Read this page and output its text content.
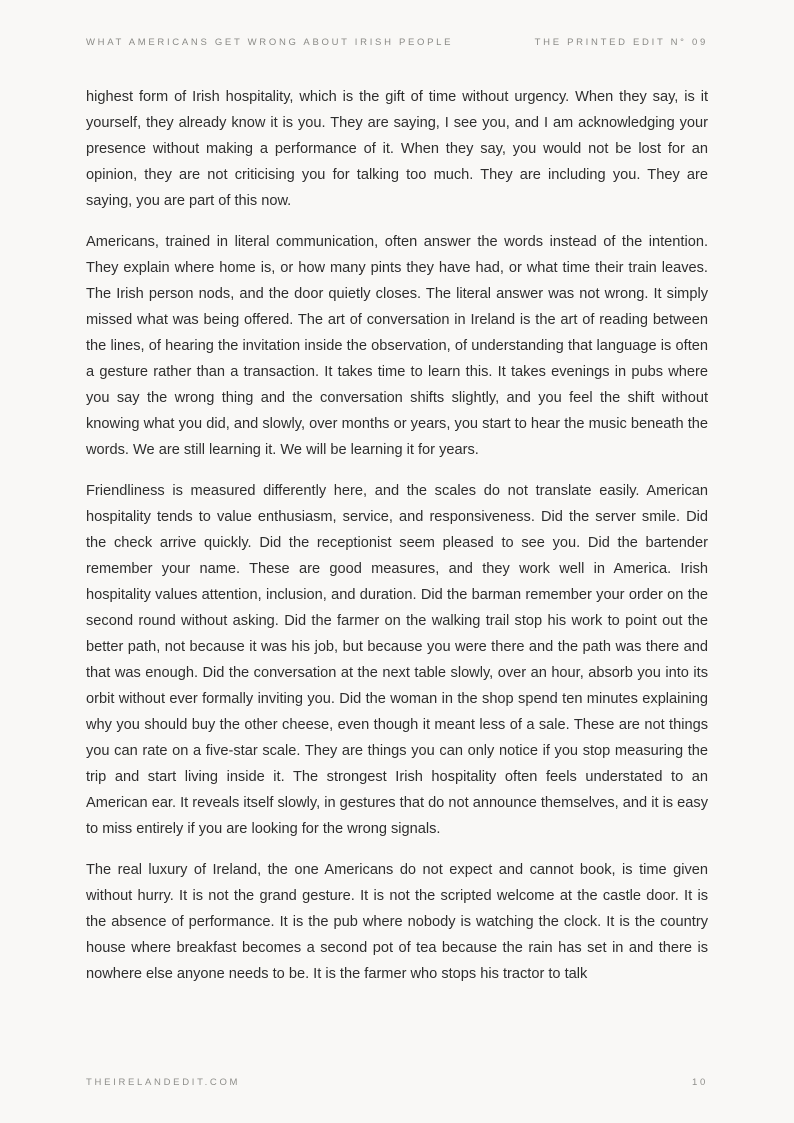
WHAT AMERICANS GET WRONG ABOUT IRISH PEOPLE	THE PRINTED EDIT N° 09

highest form of Irish hospitality, which is the gift of time without urgency. When they say, is it yourself, they already know it is you. They are saying, I see you, and I am acknowledging your presence without making a performance of it. When they say, you would not be lost for an opinion, they are not criticising you for talking too much. They are including you. They are saying, you are part of this now.

Americans, trained in literal communication, often answer the words instead of the intention. They explain where home is, or how many pints they have had, or what time their train leaves. The Irish person nods, and the door quietly closes. The literal answer was not wrong. It simply missed what was being offered. The art of conversation in Ireland is the art of reading between the lines, of hearing the invitation inside the observation, of understanding that language is often a gesture rather than a transaction. It takes time to learn this. It takes evenings in pubs where you say the wrong thing and the conversation shifts slightly, and you feel the shift without knowing what you did, and slowly, over months or years, you start to hear the music beneath the words. We are still learning it. We will be learning it for years.

Friendliness is measured differently here, and the scales do not translate easily. American hospitality tends to value enthusiasm, service, and responsiveness. Did the server smile. Did the check arrive quickly. Did the receptionist seem pleased to see you. Did the bartender remember your name. These are good measures, and they work well in America. Irish hospitality values attention, inclusion, and duration. Did the barman remember your order on the second round without asking. Did the farmer on the walking trail stop his work to point out the better path, not because it was his job, but because you were there and the path was there and that was enough. Did the conversation at the next table slowly, over an hour, absorb you into its orbit without ever formally inviting you. Did the woman in the shop spend ten minutes explaining why you should buy the other cheese, even though it meant less of a sale. These are not things you can rate on a five-star scale. They are things you can only notice if you stop measuring the trip and start living inside it. The strongest Irish hospitality often feels understated to an American ear. It reveals itself slowly, in gestures that do not announce themselves, and it is easy to miss entirely if you are looking for the wrong signals.

The real luxury of Ireland, the one Americans do not expect and cannot book, is time given without hurry. It is not the grand gesture. It is not the scripted welcome at the castle door. It is the absence of performance. It is the pub where nobody is watching the clock. It is the country house where breakfast becomes a second pot of tea because the rain has set in and there is nowhere else anyone needs to be. It is the farmer who stops his tractor to talk

THEIRELANDEDIT.COM	10
